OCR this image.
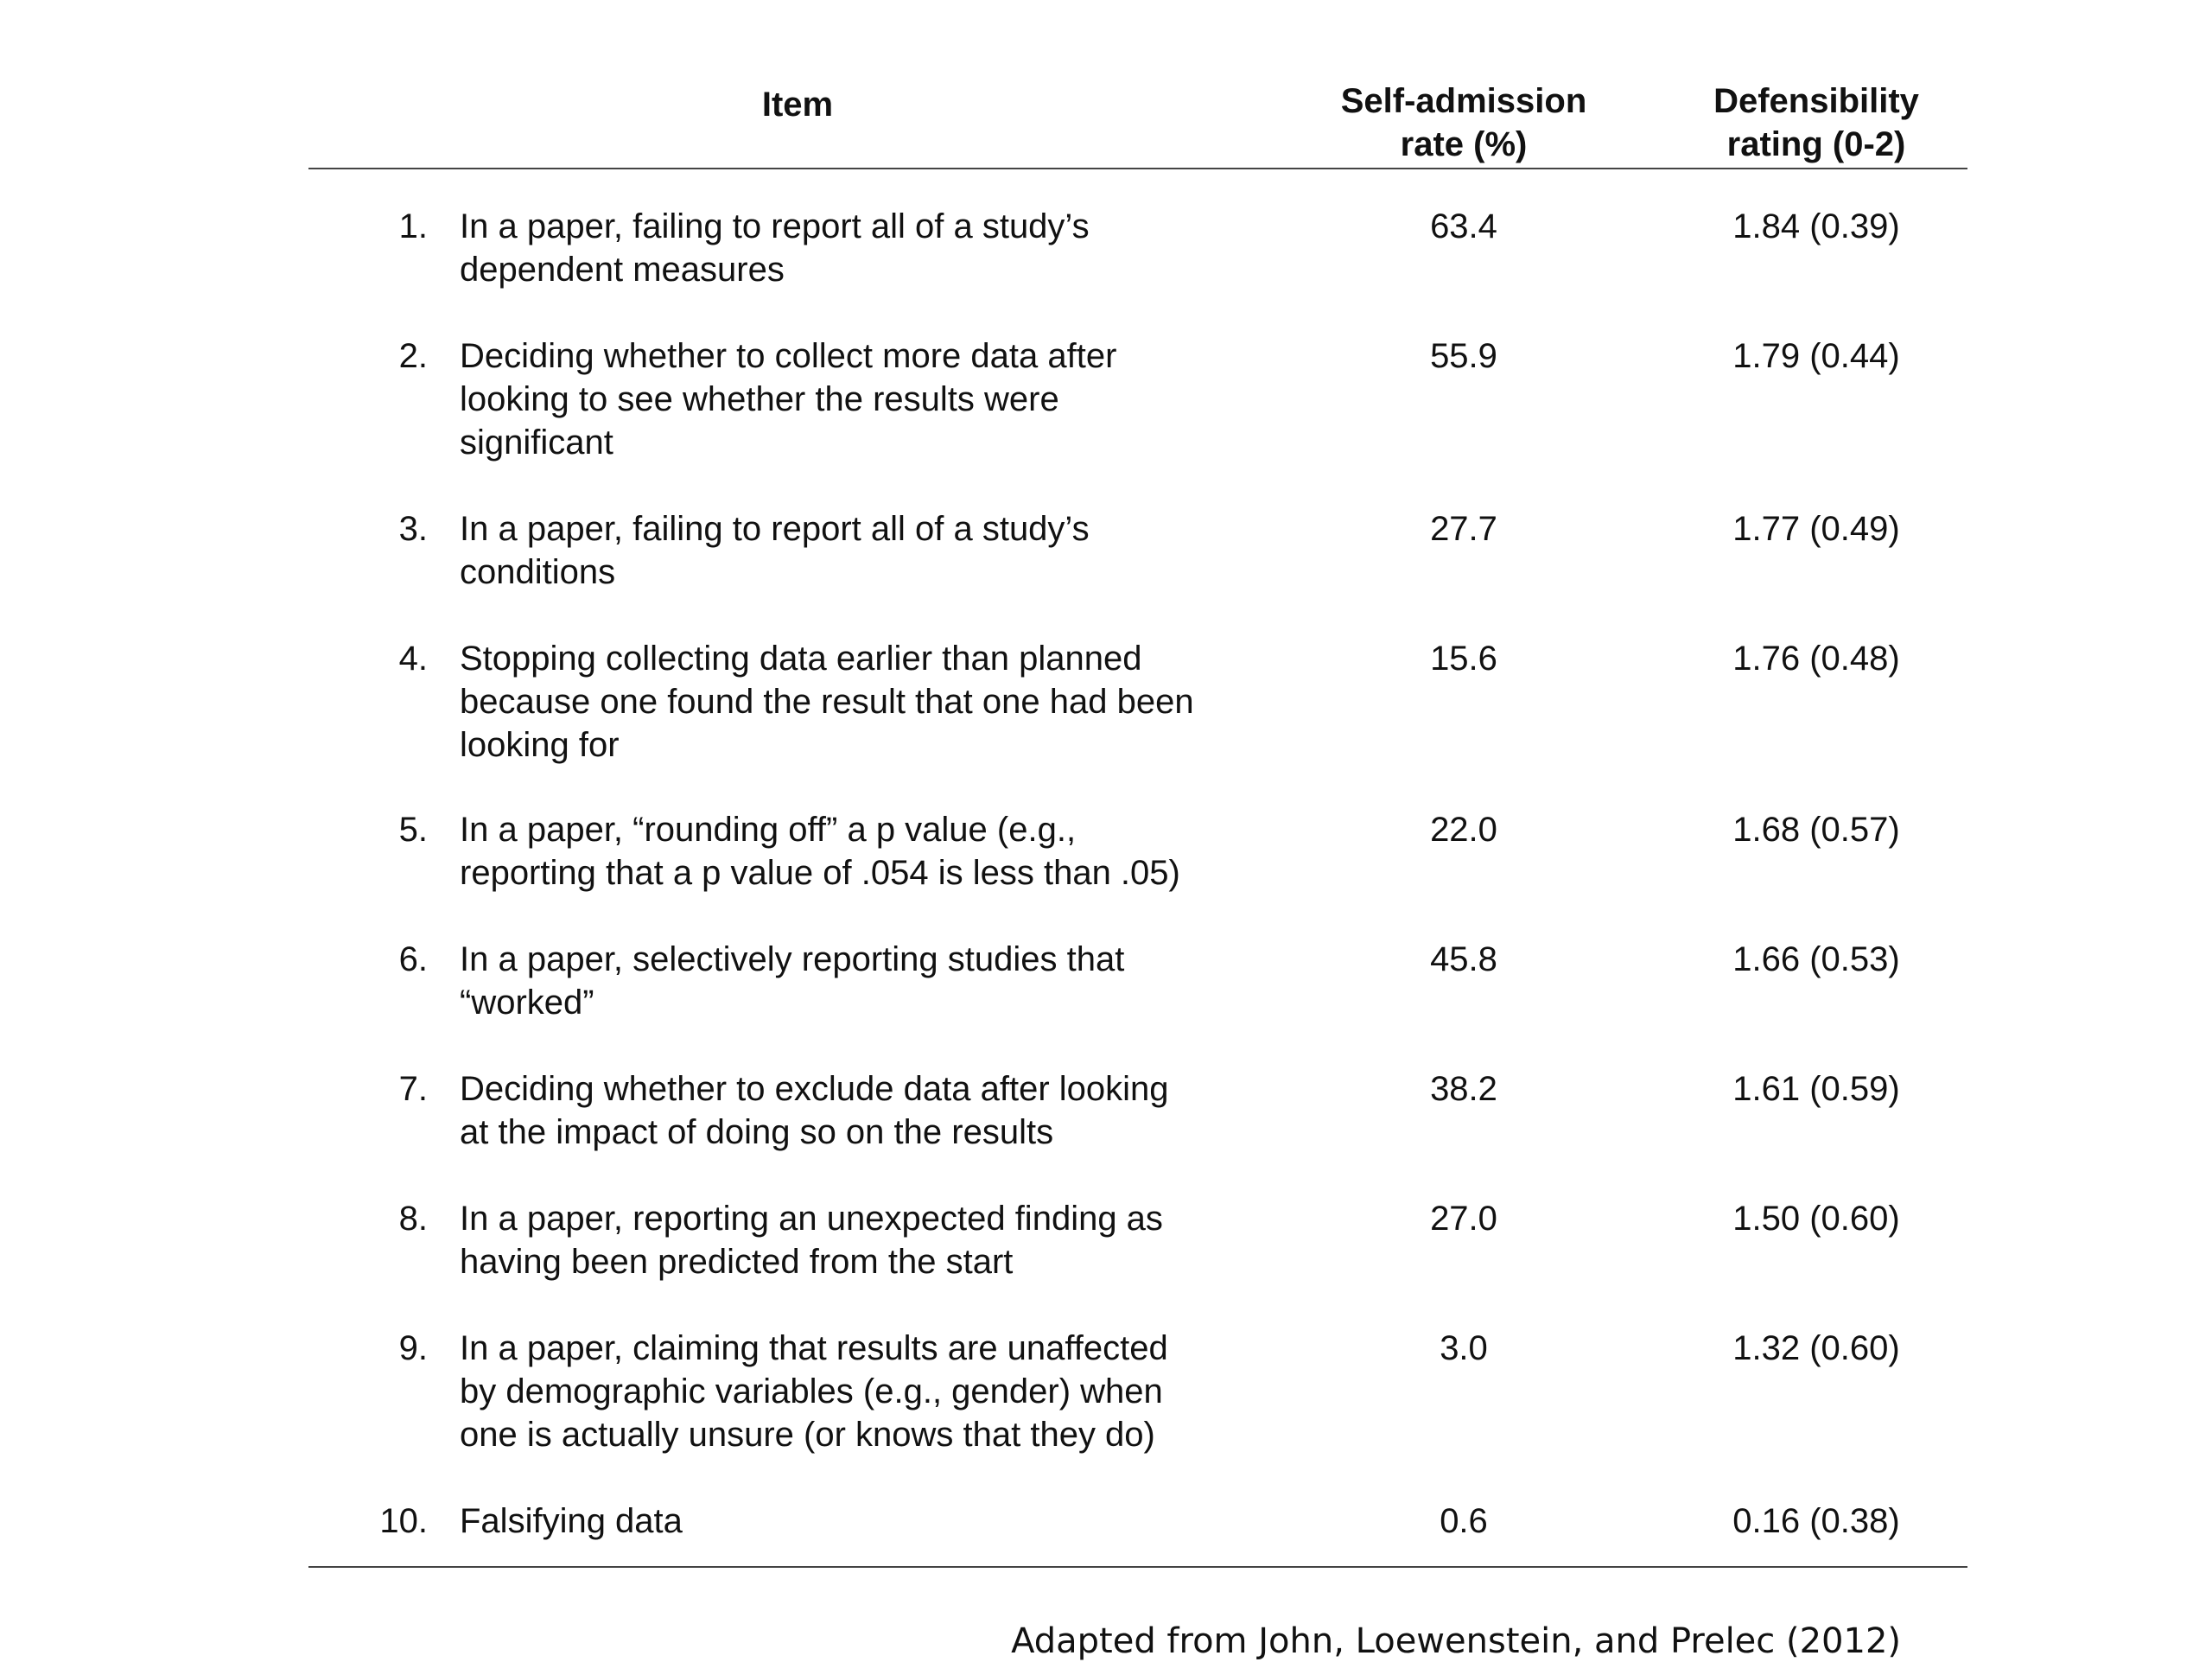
Item	Self-admission
rate (%)
Defensibility
rating (0-2)
1. In a paper, failing to report all of a study’s
dependent measures
63.4	1.84 (0.39)
2. Deciding whether to collect more data after
looking to see whether the results were
significant
55.9	1.79 (0.44)
3. In a paper, failing to report all of a study’s
conditions
27.7	1.77 (0.49)
4. Stopping collecting data earlier than planned
because one found the result that one had been
looking for
15.6	1.76 (0.48)
5. In a paper, “rounding off” a p value (e.g.,
reporting that a p value of .054 is less than .05)
22.0	1.68 (0.57)
6. In a paper, selectively reporting studies that
“worked”
45.8	1.66 (0.53)
7. Deciding whether to exclude data after looking
at the impact of doing so on the results
38.2	1.61 (0.59)
8. In a paper, reporting an unexpected finding as
having been predicted from the start
27.0	1.50 (0.60)
9. In a paper, claiming that results are unaffected
by demographic variables (e.g., gender) when
one is actually unsure (or knows that they do)
3.0	1.32 (0.60)
10. Falsifying data	0.6	0.16 (0.38)
Adapted from John, Loewenstein, and Prelec (2012)
